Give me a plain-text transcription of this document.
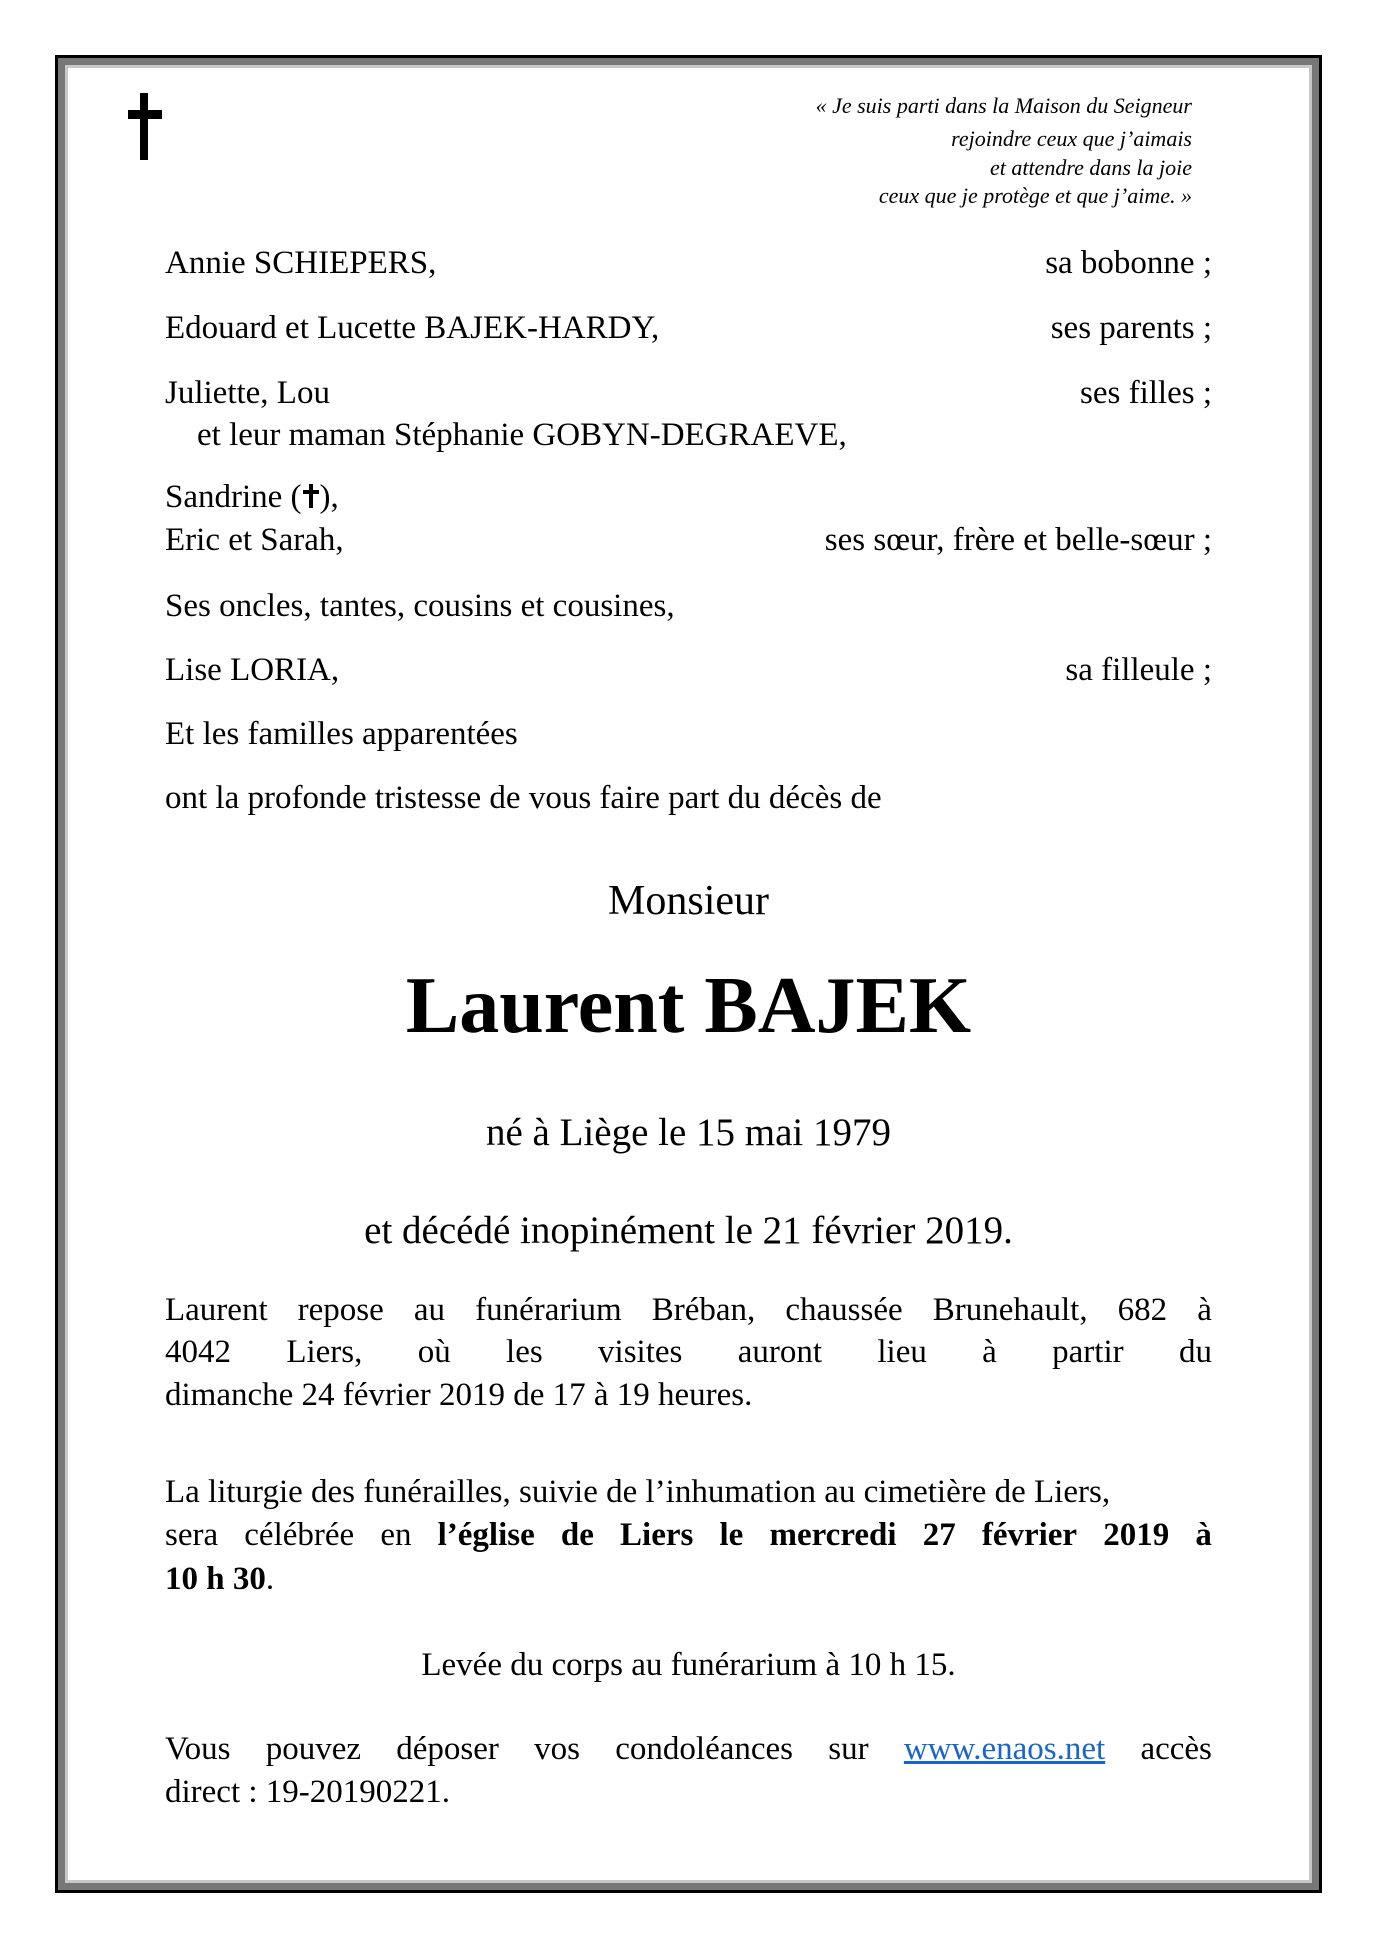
« Je suis parti dans la Maison du Seigneur
rejoindre ceux que j’aimais
et attendre dans la joie
ceux que je protège et que j’aime. »
Annie SCHIEPERS,	sa bobonne ;
Edouard et Lucette BAJEK-HARDY,	ses parents ;
Juliette, Lou	ses filles ;
et leur maman Stéphanie GOBYN-DEGRAEVE,
Sandrine ( ),
Eric et Sarah,	ses sœur, frère et belle-sœur ;
Ses oncles, tantes, cousins et cousines,
Lise LORIA,	sa filleule ;
Et les familles apparentées
ont la profonde tristesse de vous faire part du décès de
Monsieur
Laurent BAJEK
né à Liège le 15 mai 1979
et décédé inopinément le 21 février 2019.
Laurent repose au funérarium Bréban, chaussée Brunehault, 682 à
4042 Liers, où les visites auront lieu à partir du
dimanche 24 février 2019 de 17 à 19 heures.
La liturgie des funérailles, suivie de l’inhumation au cimetière de Liers,
sera célébrée en l’église de Liers le mercredi 27 février 2019 à
10 h 30.
Levée du corps au funérarium à 10 h 15.
Vous pouvez déposer vos condoléances sur www.enaos.net accès
direct : 19-20190221.
